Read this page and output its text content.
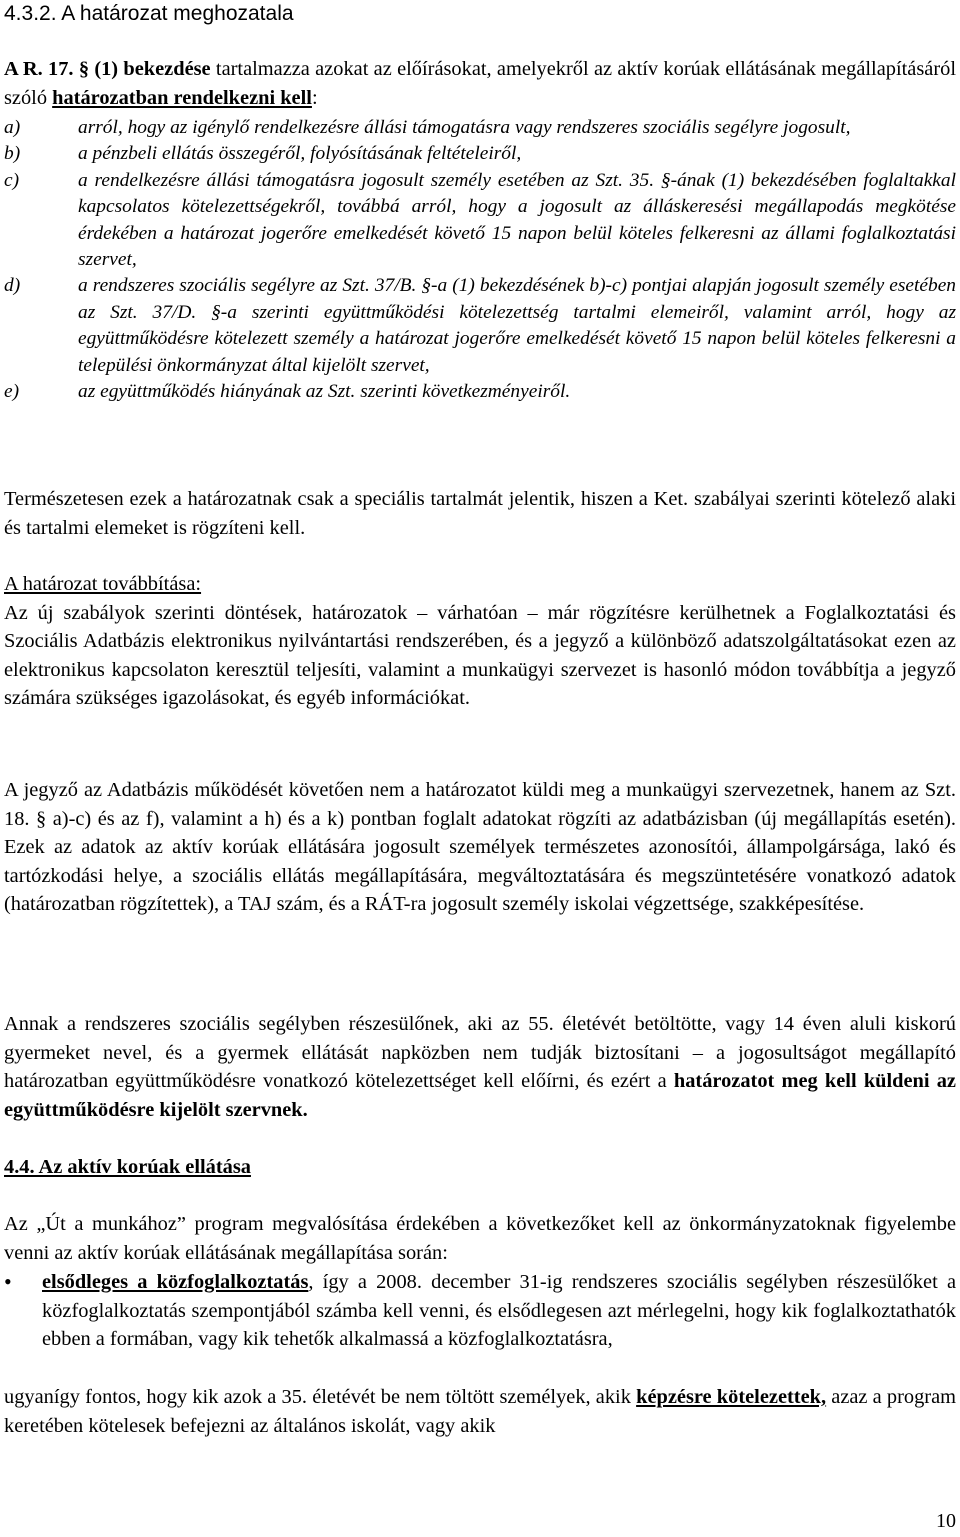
4.3.2. A határozat meghozatala
A R. 17. § (1) bekezdése tartalmazza azokat az előírásokat, amelyekről az aktív korúak ellátásának megállapításáról szóló határozatban rendelkezni kell:
a)	arról, hogy az igénylő rendelkezésre állási támogatásra vagy rendszeres szociális segélyre jogosult,
b)	a pénzbeli ellátás összegéről, folyósításának feltételeiről,
c)	a rendelkezésre állási támogatásra jogosult személy esetében az Szt. 35. §-ának (1) bekezdésében foglaltakkal kapcsolatos kötelezettségekről, továbbá arról, hogy a jogosult az álláskeresési megállapodás megkötése érdekében a határozat jogerőre emelkedését követő 15 napon belül köteles felkeresni az állami foglalkoztatási szervet,
d)	a rendszeres szociális segélyre az Szt. 37/B. §-a (1) bekezdésének b)-c) pontjai alapján jogosult személy esetében az Szt. 37/D. §-a szerinti együttműködési kötelezettség tartalmi elemeiről, valamint arról, hogy az együttműködésre kötelezett személy a határozat jogerőre emelkedését követő 15 napon belül köteles felkeresni a települési önkormányzat által kijelölt szervet,
e)	az együttműködés hiányának az Szt. szerinti következményeiről.
Természetesen ezek a határozatnak csak a speciális tartalmát jelentik, hiszen a Ket. szabályai szerinti kötelező alaki és tartalmi elemeket is rögzíteni kell.
A határozat továbbítása:
Az új szabályok szerinti döntések, határozatok – várhatóan – már rögzítésre kerülhetnek a Foglalkoztatási és Szociális Adatbázis elektronikus nyilvántartási rendszerében, és a jegyző a különböző adatszolgáltatásokat ezen az elektronikus kapcsolaton keresztül teljesíti, valamint a munkaügyi szervezet is hasonló módon továbbítja a jegyző számára szükséges igazolásokat, és egyéb információkat.
A jegyző az Adatbázis működését követően nem a határozatot küldi meg a munkaügyi szervezetnek, hanem az Szt. 18. § a)-c) és az f), valamint a h) és a k) pontban foglalt adatokat rögzíti az adatbázisban (új megállapítás esetén). Ezek az adatok az aktív korúak ellátására jogosult személyek természetes azonosítói, állampolgársága, lakó és tartózkodási helye, a szociális ellátás megállapítására, megváltoztatására és megszüntetésére vonatkozó adatok (határozatban rögzítettek), a TAJ szám, és a RÁT-ra jogosult személy iskolai végzettsége, szakképesítése.
Annak a rendszeres szociális segélyben részesülőnek, aki az 55. életévét betöltötte, vagy 14 éven aluli kiskorú gyermeket nevel, és a gyermek ellátását napközben nem tudják biztosítani – a jogosultságot megállapító határozatban együttműködésre vonatkozó kötelezettséget kell előírni, és ezért a határozatot meg kell küldeni az együttműködésre kijelölt szervnek.
4.4. Az aktív korúak ellátása
Az „Út a munkához” program megvalósítása érdekében a következőket kell az önkormányzatoknak figyelembe venni az aktív korúak ellátásának megállapítása során:
•	elsődleges a közfoglalkoztatás, így a 2008. december 31-ig rendszeres szociális segélyben részesülőket a közfoglalkoztatás szempontjából számba kell venni, és elsődlegesen azt mérlegelni, hogy kik foglalkoztathatók ebben a formában, vagy kik tehetők alkalmassá a közfoglalkoztatásra,
ugyanígy fontos, hogy kik azok a 35. életévét be nem töltött személyek, akik képzésre kötelezettek, azaz a program keretében kötelesek befejezni az általános iskolát, vagy akik
10
